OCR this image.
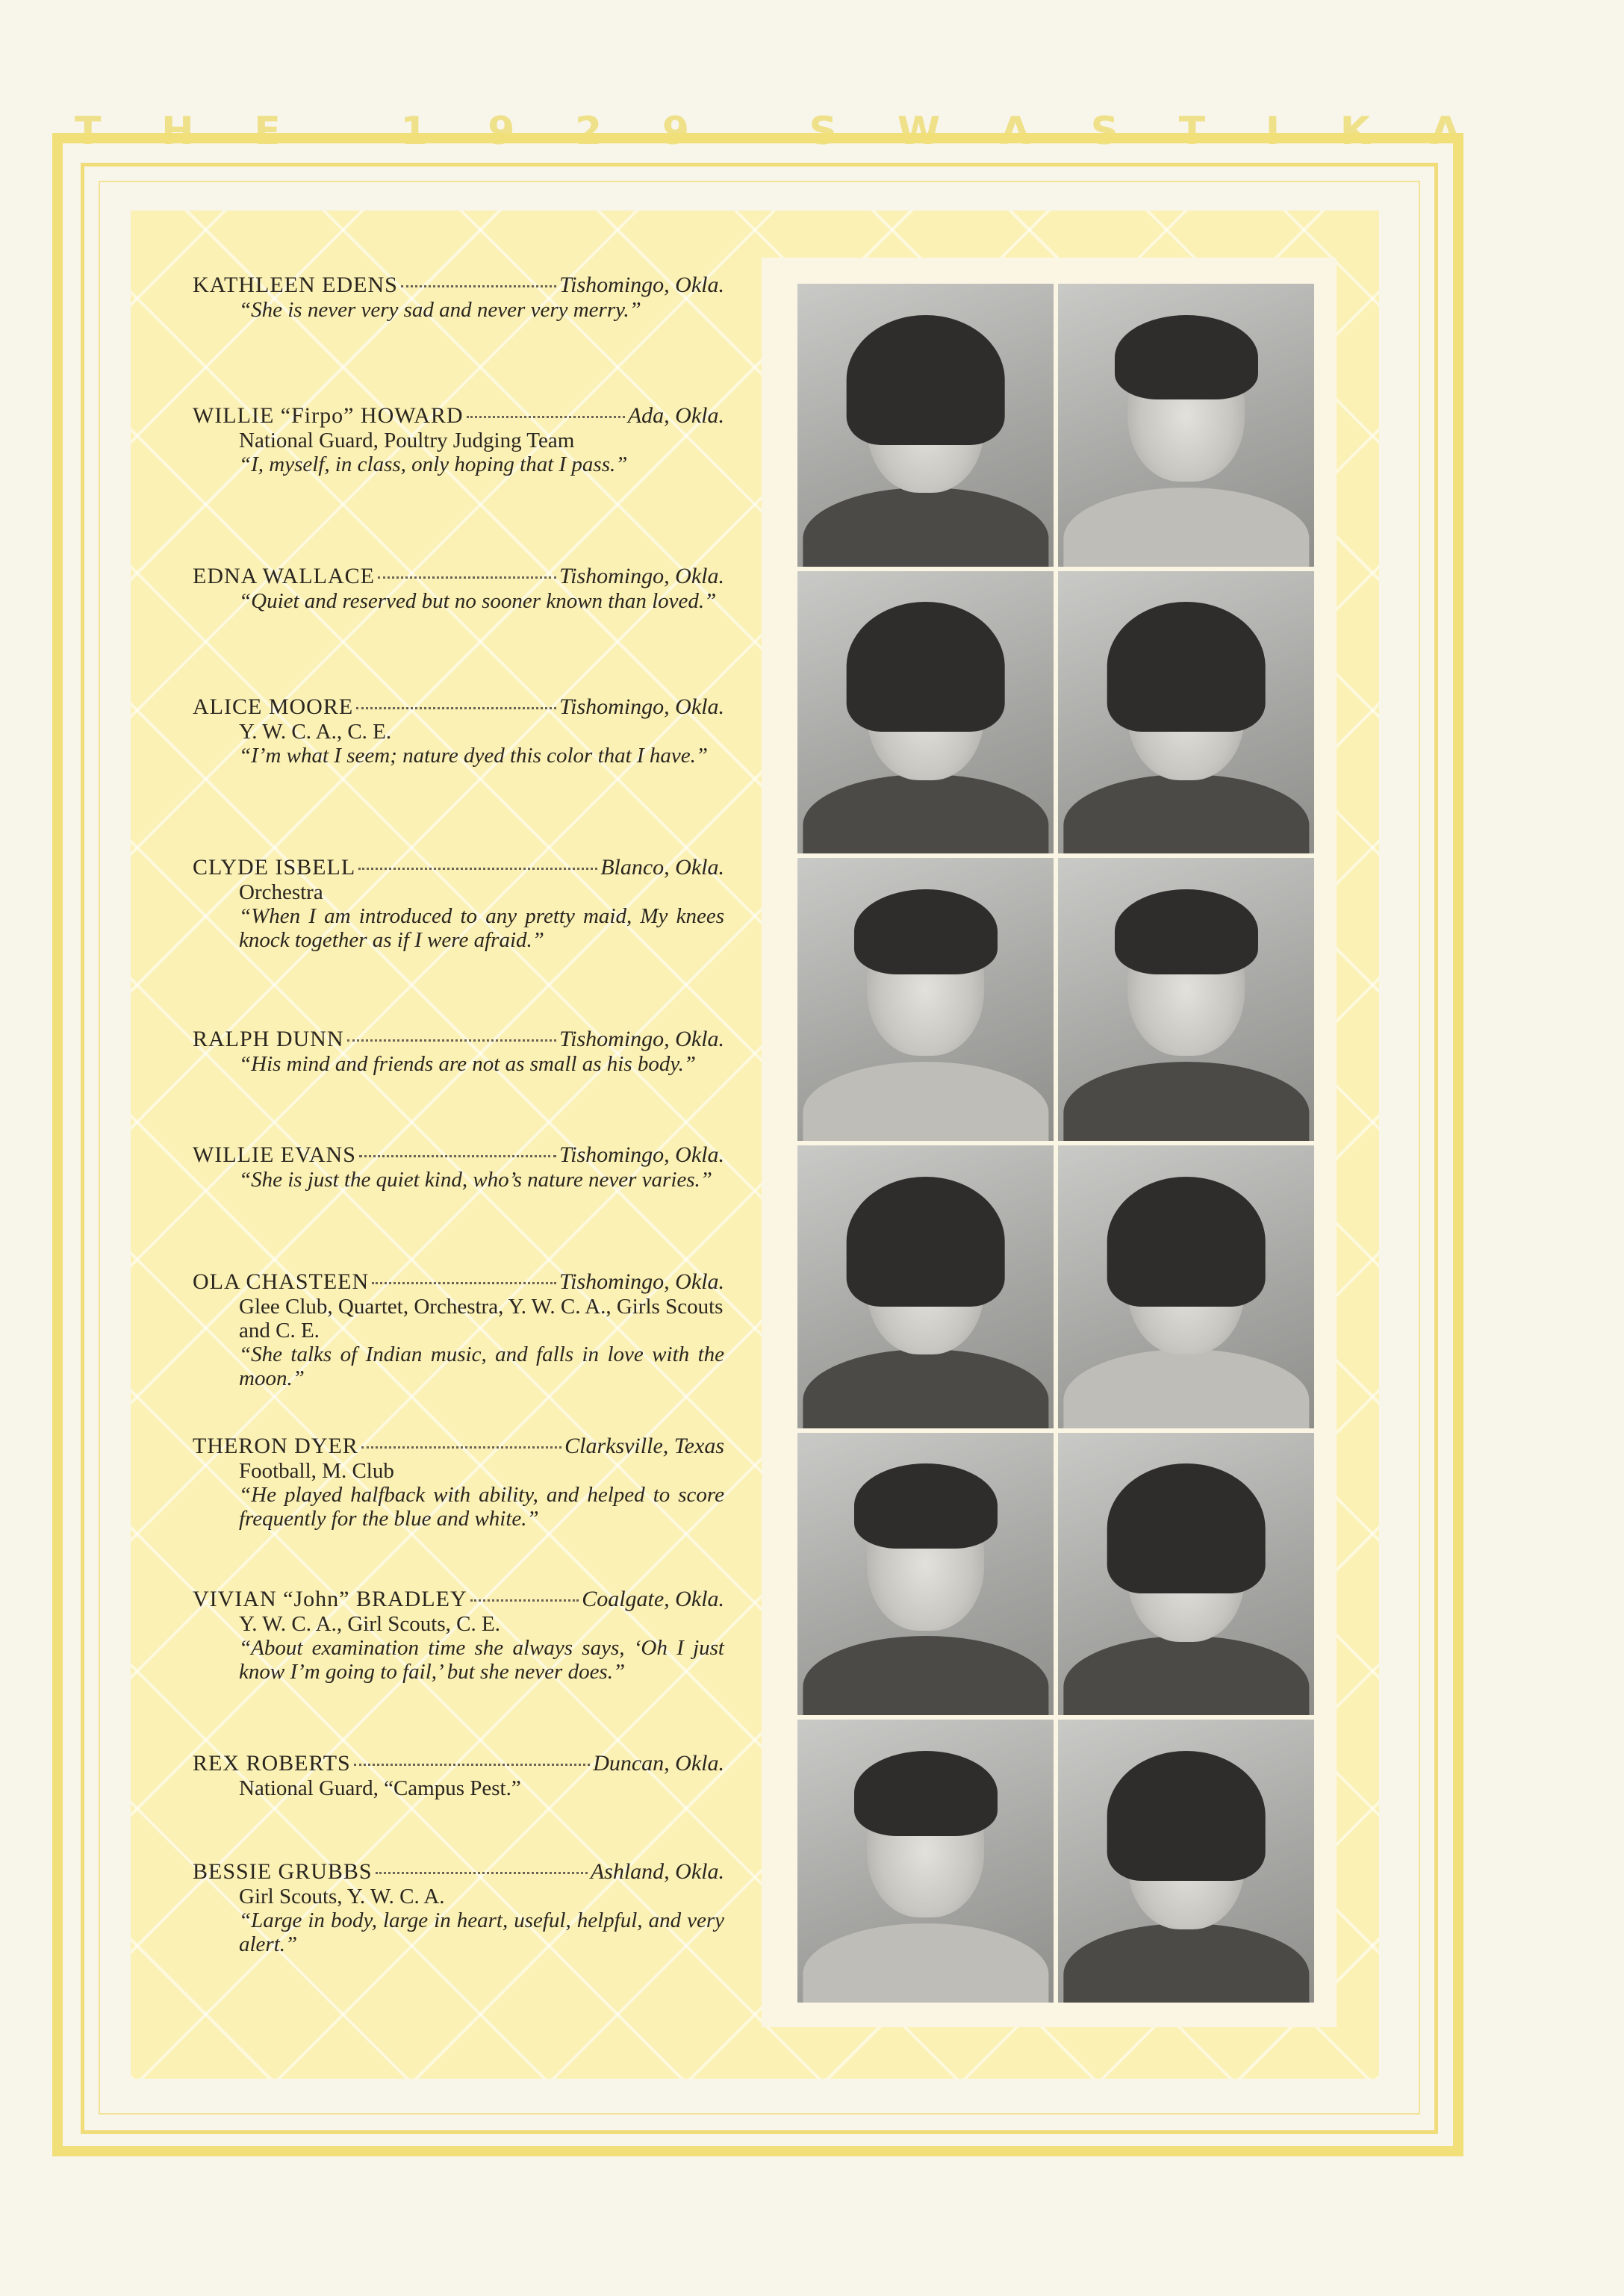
T H E	1 9 2 9	S W A S T I K A
KATHLEEN EDENS	Tishomingo, Okla.
“She is never very sad and never very merry.”
WILLIE “Firpo” HOWARD	Ada, Okla.
National Guard, Poultry Judging Team
“I, myself, in class, only hoping that I pass.”
EDNA WALLACE	Tishomingo, Okla.
“Quiet and reserved but no sooner known than loved.”
ALICE MOORE	Tishomingo, Okla.
Y. W. C. A., C. E.
“I’m what I seem; nature dyed this color that I have.”
CLYDE ISBELL	Blanco, Okla.
Orchestra
“When I am introduced to any pretty maid, My knees knock together as if I were afraid.”
RALPH DUNN	Tishomingo, Okla.
“His mind and friends are not as small as his body.”
WILLIE EVANS	Tishomingo, Okla.
“She is just the quiet kind, who’s nature never varies.”
OLA CHASTEEN	Tishomingo, Okla.
Glee Club, Quartet, Orchestra, Y. W. C. A., Girls Scouts and C. E.
“She talks of Indian music, and falls in love with the moon.”
THERON DYER	Clarksville, Texas
Football, M. Club
“He played halfback with ability, and helped to score frequently for the blue and white.”
VIVIAN “John” BRADLEY	Coalgate, Okla.
Y. W. C. A., Girl Scouts, C. E.
“About examination time she always says, ‘Oh I just know I’m going to fail,’ but she never does.”
REX ROBERTS	Duncan, Okla.
National Guard, “Campus Pest.”
BESSIE GRUBBS	Ashland, Okla.
Girl Scouts, Y. W. C. A.
“Large in body, large in heart, useful, helpful, and very alert.”
